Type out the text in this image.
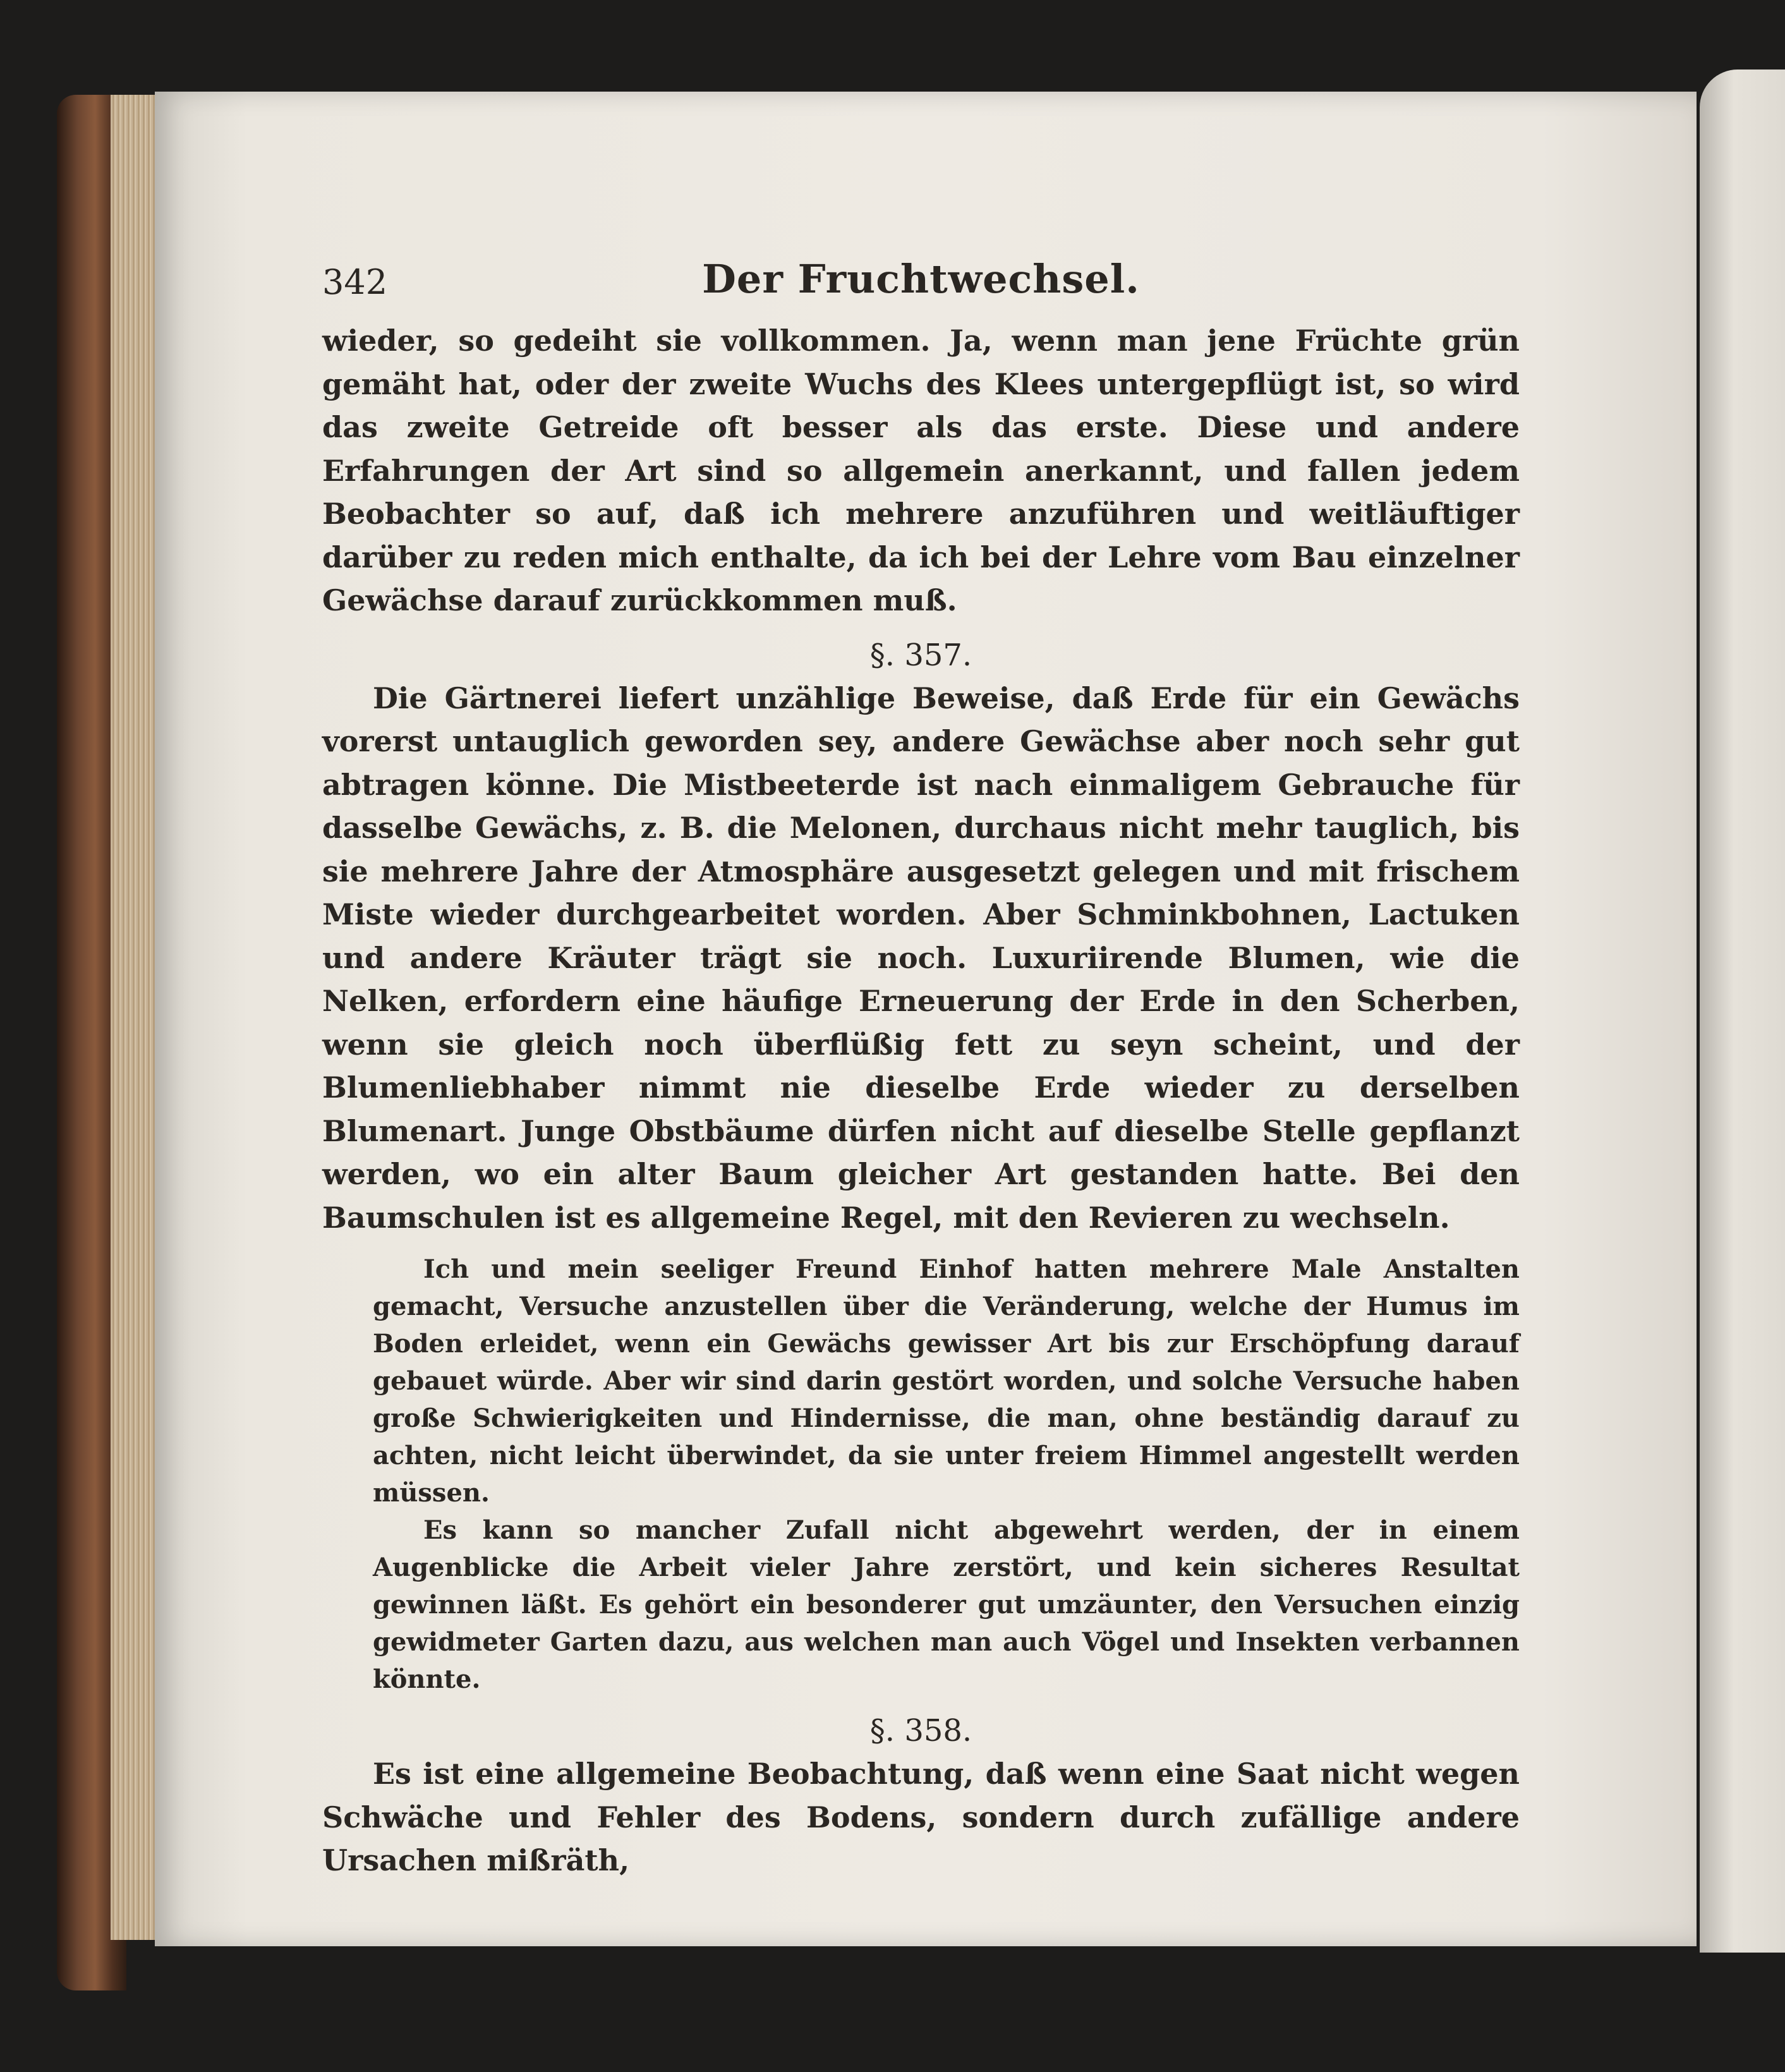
342	Der Fruchtwechsel.

wieder, so gedeiht sie vollkommen. Ja, wenn man jene Früchte grün gemäht hat, oder der zweite Wuchs des Klees untergepflügt ist, so wird das zweite Getreide oft besser als das erste. Diese und andere Erfahrungen der Art sind so allgemein anerkannt, und fallen jedem Beobachter so auf, daß ich mehrere anzuführen und weitläuftiger darüber zu reden mich enthalte, da ich bei der Lehre vom Bau einzelner Gewächse darauf zurückkommen muß.

§. 357.

Die Gärtnerei liefert unzählige Beweise, daß Erde für ein Gewächs vorerst untauglich geworden sey, andere Gewächse aber noch sehr gut abtragen könne. Die Mistbeeterde ist nach einmaligem Gebrauche für dasselbe Gewächs, z. B. die Melonen, durchaus nicht mehr tauglich, bis sie mehrere Jahre der Atmosphäre ausgesetzt gelegen und mit frischem Miste wieder durchgearbeitet worden. Aber Schminkbohnen, Lactuken und andere Kräuter trägt sie noch. Luxuriirende Blumen, wie die Nelken, erfordern eine häufige Erneuerung der Erde in den Scherben, wenn sie gleich noch überflüßig fett zu seyn scheint, und der Blumenliebhaber nimmt nie dieselbe Erde wieder zu derselben Blumenart. Junge Obstbäume dürfen nicht auf dieselbe Stelle gepflanzt werden, wo ein alter Baum gleicher Art gestanden hatte. Bei den Baumschulen ist es allgemeine Regel, mit den Revieren zu wechseln.

Ich und mein seeliger Freund Einhof hatten mehrere Male Anstalten gemacht, Versuche anzustellen über die Veränderung, welche der Humus im Boden erleidet, wenn ein Gewächs gewisser Art bis zur Erschöpfung darauf gebauet würde. Aber wir sind darin gestört worden, und solche Versuche haben große Schwierigkeiten und Hindernisse, die man, ohne beständig darauf zu achten, nicht leicht überwindet, da sie unter freiem Himmel angestellt werden müssen.

Es kann so mancher Zufall nicht abgewehrt werden, der in einem Augenblicke die Arbeit vieler Jahre zerstört, und kein sicheres Resultat gewinnen läßt. Es gehört ein besonderer gut umzäunter, den Versuchen einzig gewidmeter Garten dazu, aus welchen man auch Vögel und Insekten verbannen könnte.

§. 358.

Es ist eine allgemeine Beobachtung, daß wenn eine Saat nicht wegen Schwäche und Fehler des Bodens, sondern durch zufällige andere Ursachen mißräth,
